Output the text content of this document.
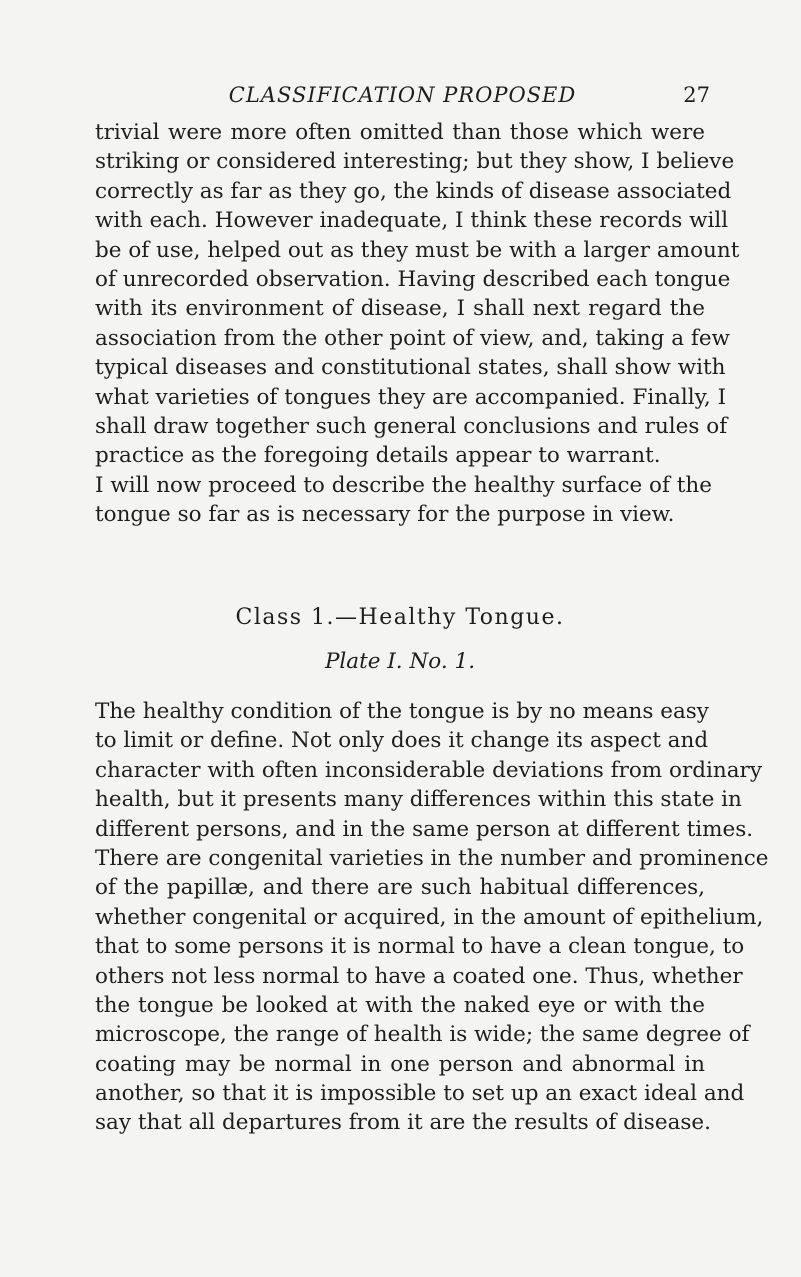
CLASSIFICATION PROPOSED	27
trivial were more often omitted than those which were
striking or considered interesting; but they show, I believe
correctly as far as they go, the kinds of disease associated
with each. However inadequate, I think these records will
be of use, helped out as they must be with a larger amount
of unrecorded observation. Having described each tongue
with its environment of disease, I shall next regard the
association from the other point of view, and, taking a few
typical diseases and constitutional states, shall show with
what varieties of tongues they are accompanied. Finally, I
shall draw together such general conclusions and rules of
practice as the foregoing details appear to warrant.
I will now proceed to describe the healthy surface of the
tongue so far as is necessary for the purpose in view.
Class 1.—Healthy Tongue.
Plate I. No. 1.
The healthy condition of the tongue is by no means easy
to limit or define. Not only does it change its aspect and
character with often inconsiderable deviations from ordinary
health, but it presents many differences within this state in
different persons, and in the same person at different times.
There are congenital varieties in the number and prominence
of the papillæ, and there are such habitual differences,
whether congenital or acquired, in the amount of epithelium,
that to some persons it is normal to have a clean tongue, to
others not less normal to have a coated one. Thus, whether
the tongue be looked at with the naked eye or with the
microscope, the range of health is wide; the same degree of
coating may be normal in one person and abnormal in
another, so that it is impossible to set up an exact ideal and
say that all departures from it are the results of disease.
